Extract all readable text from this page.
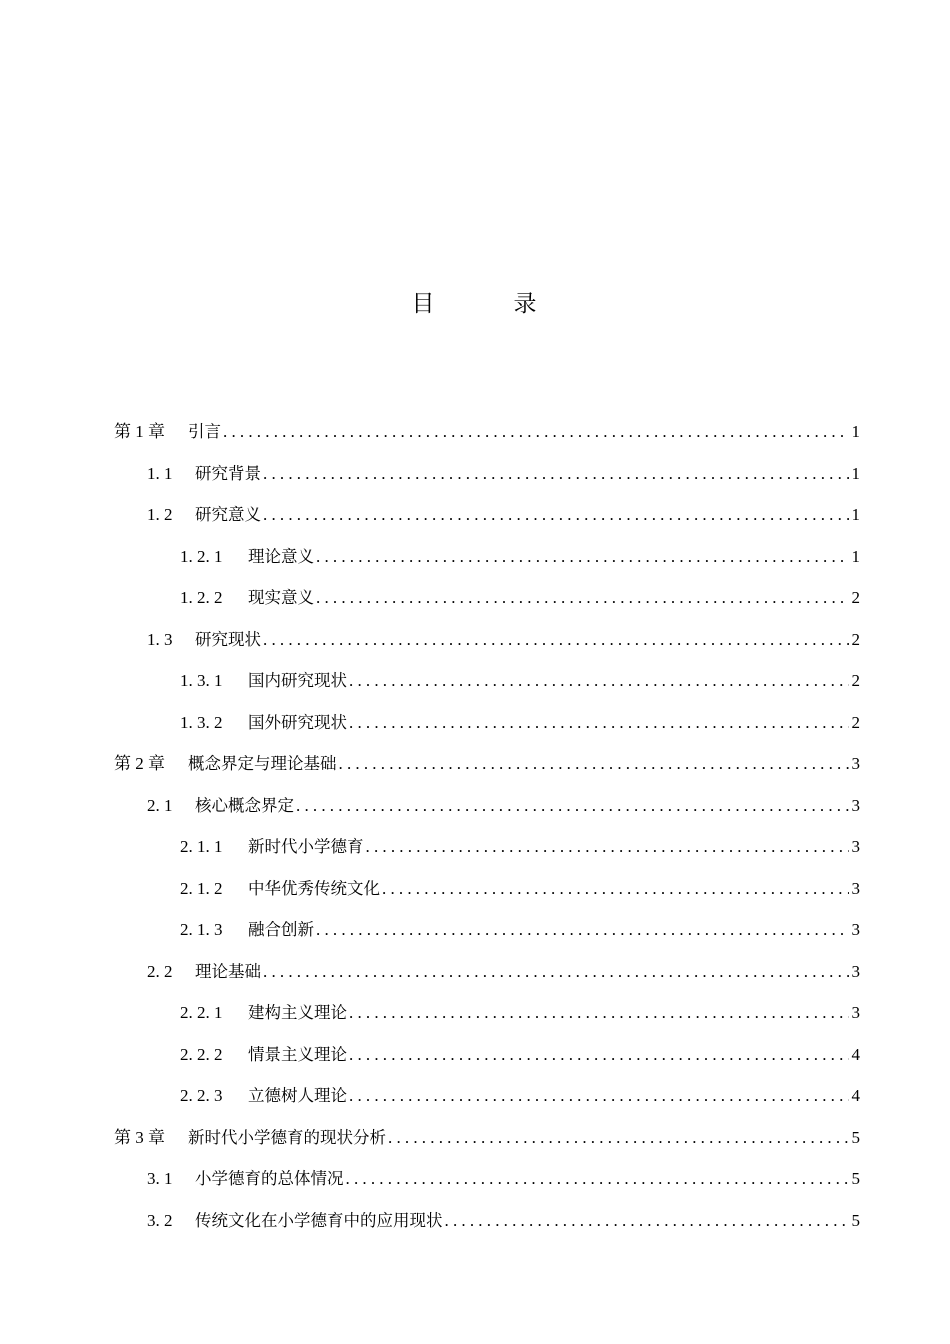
目　录
第 1 章	引言 .....	1
1. 1	研究背景 .....	1
1. 2	研究意义 .....	1
1. 2. 1	理论意义 .....	1
1. 2. 2	现实意义 .....	2
1. 3	研究现状 .....	2
1. 3. 1	国内研究现状 .....	2
1. 3. 2	国外研究现状 .....	2
第 2 章	概念界定与理论基础 .....	3
2. 1	核心概念界定 .....	3
2. 1. 1	新时代小学德育 .....	3
2. 1. 2	中华优秀传统文化 .....	3
2. 1. 3	融合创新 .....	3
2. 2	理论基础 .....	3
2. 2. 1	建构主义理论 .....	3
2. 2. 2	情景主义理论 .....	4
2. 2. 3	立德树人理论 .....	4
第 3 章	新时代小学德育的现状分析 .....	5
3. 1	小学德育的总体情况 .....	5
3. 2	传统文化在小学德育中的应用现状 .....	5
